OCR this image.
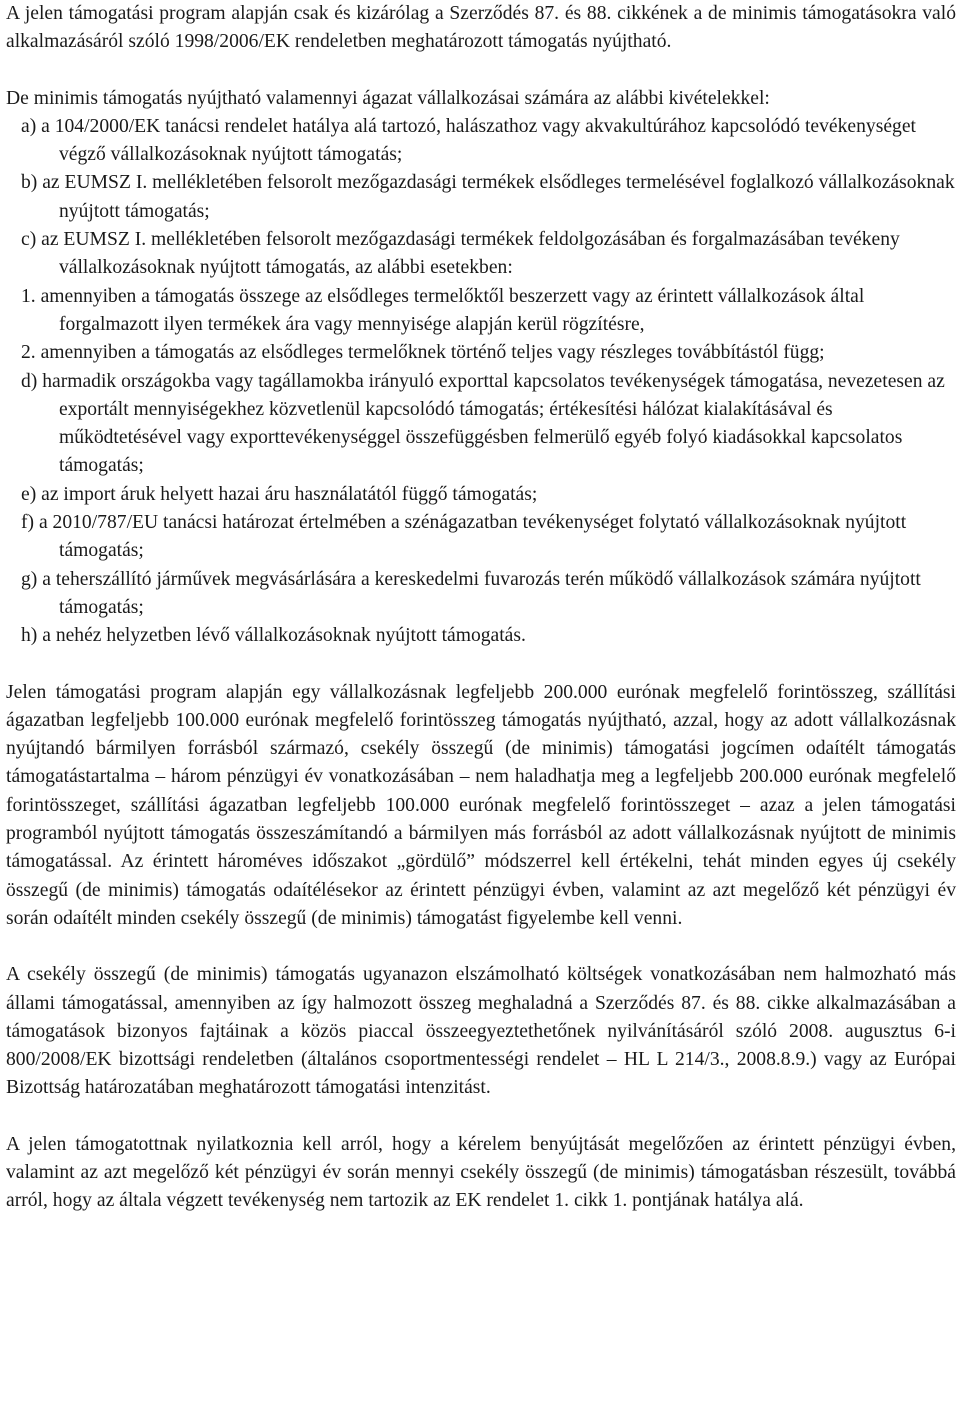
A jelen támogatási program alapján csak és kizárólag a Szerződés 87. és 88. cikkének a de minimis támogatásokra való alkalmazásáról szóló 1998/2006/EK rendeletben meghatározott támogatás nyújtható.

De minimis támogatás nyújtható valamennyi ágazat vállalkozásai számára az alábbi kivételekkel:

a) a 104/2000/EK tanácsi rendelet hatálya alá tartozó, halászathoz vagy akvakultúrához kapcsolódó tevékenységet végző vállalkozásoknak nyújtott támogatás;

b) az EUMSZ I. mellékletében felsorolt mezőgazdasági termékek elsődleges termelésével foglalkozó vállalkozásoknak nyújtott támogatás;

c) az EUMSZ I. mellékletében felsorolt mezőgazdasági termékek feldolgozásában és forgalmazásában tevékeny vállalkozásoknak nyújtott támogatás, az alábbi esetekben:

1. amennyiben a támogatás összege az elsődleges termelőktől beszerzett vagy az érintett vállalkozások által forgalmazott ilyen termékek ára vagy mennyisége alapján kerül rögzítésre,

2. amennyiben a támogatás az elsődleges termelőknek történő teljes vagy részleges továbbítástól függ;

d) harmadik országokba vagy tagállamokba irányuló exporttal kapcsolatos tevékenységek támogatása, nevezetesen az exportált mennyiségekhez közvetlenül kapcsolódó támogatás; értékesítési hálózat kialakításával és működtetésével vagy exporttevékenységgel összefüggésben felmerülő egyéb folyó kiadásokkal kapcsolatos támogatás;

e) az import áruk helyett hazai áru használatától függő támogatás;

f) a 2010/787/EU tanácsi határozat értelmében a szénágazatban tevékenységet folytató vállalkozásoknak nyújtott támogatás;

g) a teherszállító járművek megvásárlására a kereskedelmi fuvarozás terén működő vállalkozások számára nyújtott támogatás;

h) a nehéz helyzetben lévő vállalkozásoknak nyújtott támogatás.

Jelen támogatási program alapján egy vállalkozásnak legfeljebb 200.000 eurónak megfelelő forintösszeg, szállítási ágazatban legfeljebb 100.000 eurónak megfelelő forintösszeg támogatás nyújtható, azzal, hogy az adott vállalkozásnak nyújtandó bármilyen forrásból származó, csekély összegű (de minimis) támogatási jogcímen odaítélt támogatás támogatástartalma – három pénzügyi év vonatkozásában – nem haladhatja meg a legfeljebb 200.000 eurónak megfelelő forintösszeget, szállítási ágazatban legfeljebb 100.000 eurónak megfelelő forintösszeget – azaz a jelen támogatási programból nyújtott támogatás összeszámítandó a bármilyen más forrásból az adott vállalkozásnak nyújtott de minimis támogatással. Az érintett hároméves időszakot „gördülő” módszerrel kell értékelni, tehát minden egyes új csekély összegű (de minimis) támogatás odaítélésekor az érintett pénzügyi évben, valamint az azt megelőző két pénzügyi év során odaítélt minden csekély összegű (de minimis) támogatást figyelembe kell venni.

A csekély összegű (de minimis) támogatás ugyanazon elszámolható költségek vonatkozásában nem halmozható más állami támogatással, amennyiben az így halmozott összeg meghaladná a Szerződés 87. és 88. cikke alkalmazásában a támogatások bizonyos fajtáinak a közös piaccal összeegyeztethetőnek nyilvánításáról szóló 2008. augusztus 6-i 800/2008/EK bizottsági rendeletben (általános csoportmentességi rendelet – HL L 214/3., 2008.8.9.) vagy az Európai Bizottság határozatában meghatározott támogatási intenzitást.

A jelen támogatottnak nyilatkoznia kell arról, hogy a kérelem benyújtását megelőzően az érintett pénzügyi évben, valamint az azt megelőző két pénzügyi év során mennyi csekély összegű (de minimis) támogatásban részesült, továbbá arról, hogy az általa végzett tevékenység nem tartozik az EK rendelet 1. cikk 1. pontjának hatálya alá.
